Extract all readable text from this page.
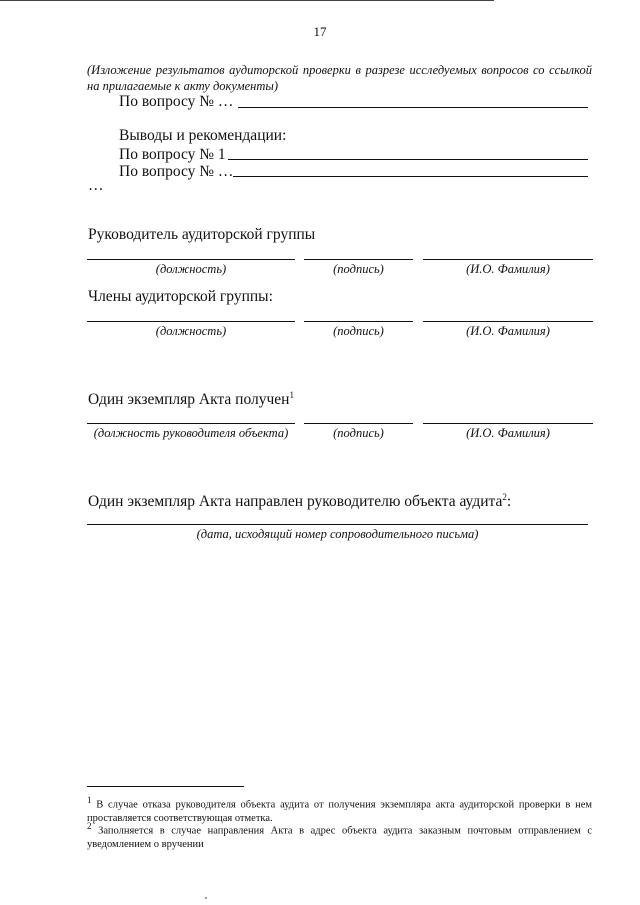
17
(Изложение результатов аудиторской проверки в разрезе исследуемых вопросов со ссылкой на прилагаемые к акту документы)
По вопросу № …
Выводы и рекомендации:
По вопросу № 1
По вопросу № …
…
Руководитель аудиторской группы
(должность)	(подпись)	(И.О. Фамилия)
Члены аудиторской группы:
(должность)	(подпись)	(И.О. Фамилия)
Один экземпляр Акта получен$^1$
(должность руководителя объекта)	(подпись)	(И.О. Фамилия)
Один экземпляр Акта направлен руководителю объекта аудита$^2$:
(дата, исходящий номер сопроводительного письма)
$^1$ В случае отказа руководителя объекта аудита от получения экземпляра акта аудиторской проверки в нем проставляется соответствующая отметка.
$^2$ Заполняется в случае направления Акта в адрес объекта аудита заказным почтовым отправлением с уведомлением о вручении
